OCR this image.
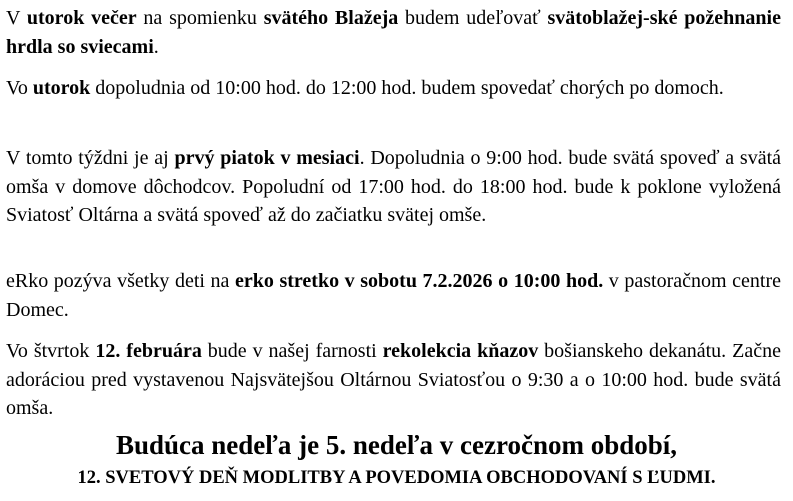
V utorok večer na spomienku svätého Blažeja budem udeľovať svätoblažej-ské požehnanie hrdla so sviecami.

Vo utorok dopoludnia od 10:00 hod. do 12:00 hod. budem spovedať chorých po domoch.

V tomto týždni je aj prvý piatok v mesiaci. Dopoludnia o 9:00 hod. bude svätá spoveď a svätá omša v domove dôchodcov. Popoludní od 17:00 hod. do 18:00 hod. bude k poklone vyložená Sviatosť Oltárna a svätá spoveď až do začiatku svätej omše.

eRko pozýva všetky deti na erko stretko v sobotu 7.2.2026 o 10:00 hod. v pastoračnom centre Domec.

Vo štvrtok 12. februára bude v našej farnosti rekolekcia kňazov bošianskeho dekanátu. Začne adoráciou pred vystavenou Najsvätejšou Oltárnou Sviatosťou o 9:30 a o 10:00 hod. bude svätá omša.

Budúca nedeľa je 5. nedeľa v cezročnom období,

12. SVETOVÝ DEŇ MODLITBY A POVEDOMIA OBCHODOVANÍ S ĽUDMI.
